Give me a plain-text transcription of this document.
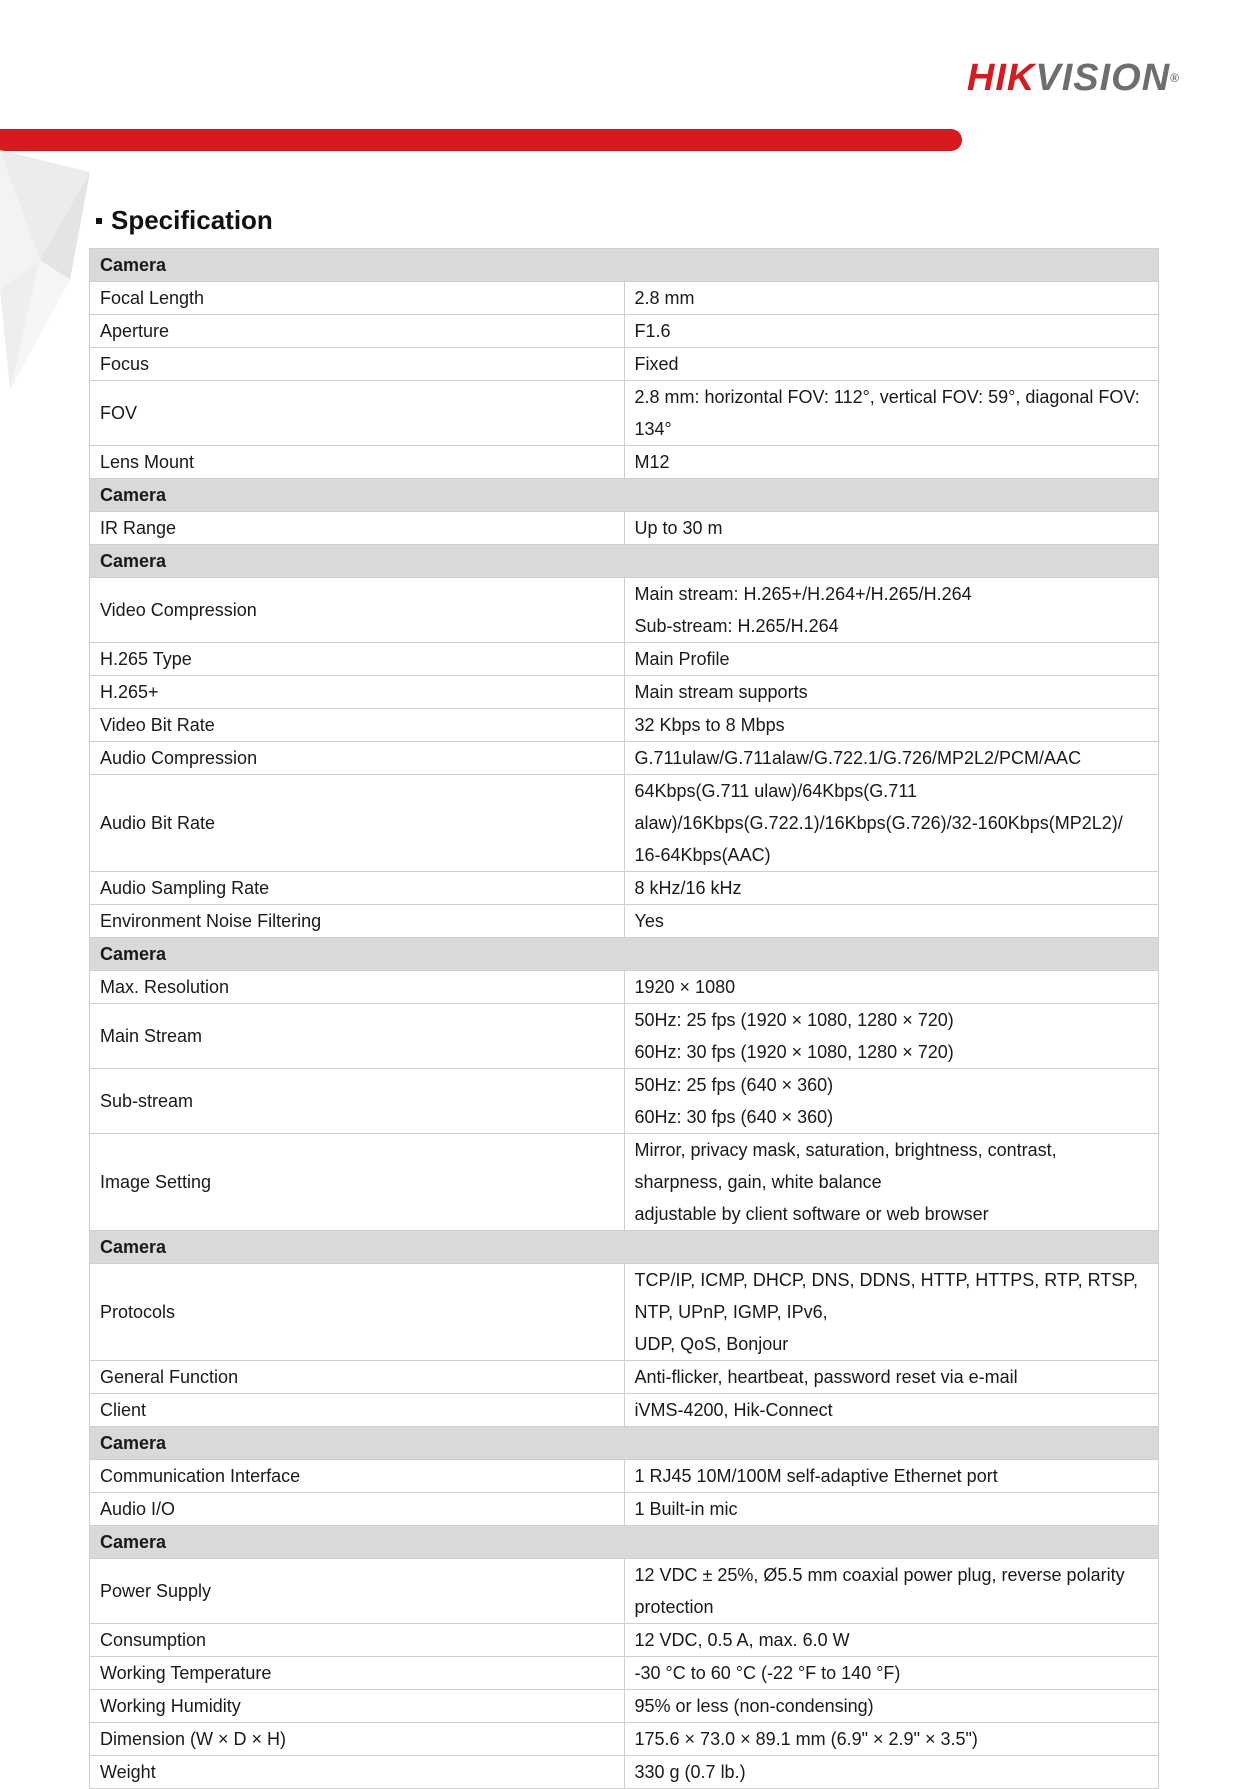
HIKVISION®
Specification
Camera	
Focal Length	2.8 mm

Aperture	F1.6

Focus	Fixed

FOV	2.8 mm: horizontal FOV: 112°, vertical FOV: 59°, diagonal FOV: 134°

Lens Mount	M12

Camera	
IR Range	Up to 30 m

Camera	
Video Compression	Main stream: H.265+/H.264+/H.265/H.264
Sub-stream: H.265/H.264

H.265 Type	Main Profile

H.265+	Main stream supports

Video Bit Rate	32 Kbps to 8 Mbps

Audio Compression	G.711ulaw/G.711alaw/G.722.1/G.726/MP2L2/PCM/AAC

Audio Bit Rate	64Kbps(G.711 ulaw)/64Kbps(G.711
alaw)/16Kbps(G.722.1)/16Kbps(G.726)/32-160Kbps(MP2L2)/ 16-64Kbps(AAC)

Audio Sampling Rate	8 kHz/16 kHz

Environment Noise Filtering	Yes

Camera	
Max. Resolution	1920 × 1080

Main Stream	50Hz: 25 fps (1920 × 1080, 1280 × 720)
60Hz: 30 fps (1920 × 1080, 1280 × 720)

Sub-stream	50Hz: 25 fps (640 × 360)
60Hz: 30 fps (640 × 360)

Image Setting	Mirror, privacy mask, saturation, brightness, contrast, sharpness, gain, white balance
adjustable by client software or web browser

Camera	
Protocols	TCP/IP, ICMP, DHCP, DNS, DDNS, HTTP, HTTPS, RTP, RTSP, NTP, UPnP, IGMP, IPv6,
UDP, QoS, Bonjour

General Function	Anti-flicker, heartbeat, password reset via e-mail

Client	iVMS-4200, Hik-Connect

Camera	
Communication Interface	1 RJ45 10M/100M self-adaptive Ethernet port

Audio I/O	1 Built-in mic

Camera	
Power Supply	12 VDC ± 25%, Ø5.5 mm coaxial power plug, reverse polarity protection

Consumption	12 VDC, 0.5 A, max. 6.0 W

Working Temperature	-30 °C to 60 °C (-22 °F to 140 °F)

Working Humidity	95% or less (non-condensing)

Dimension (W × D × H)	175.6 × 73.0 × 89.1 mm (6.9" × 2.9" × 3.5")

Weight	330 g (0.7 lb.)
